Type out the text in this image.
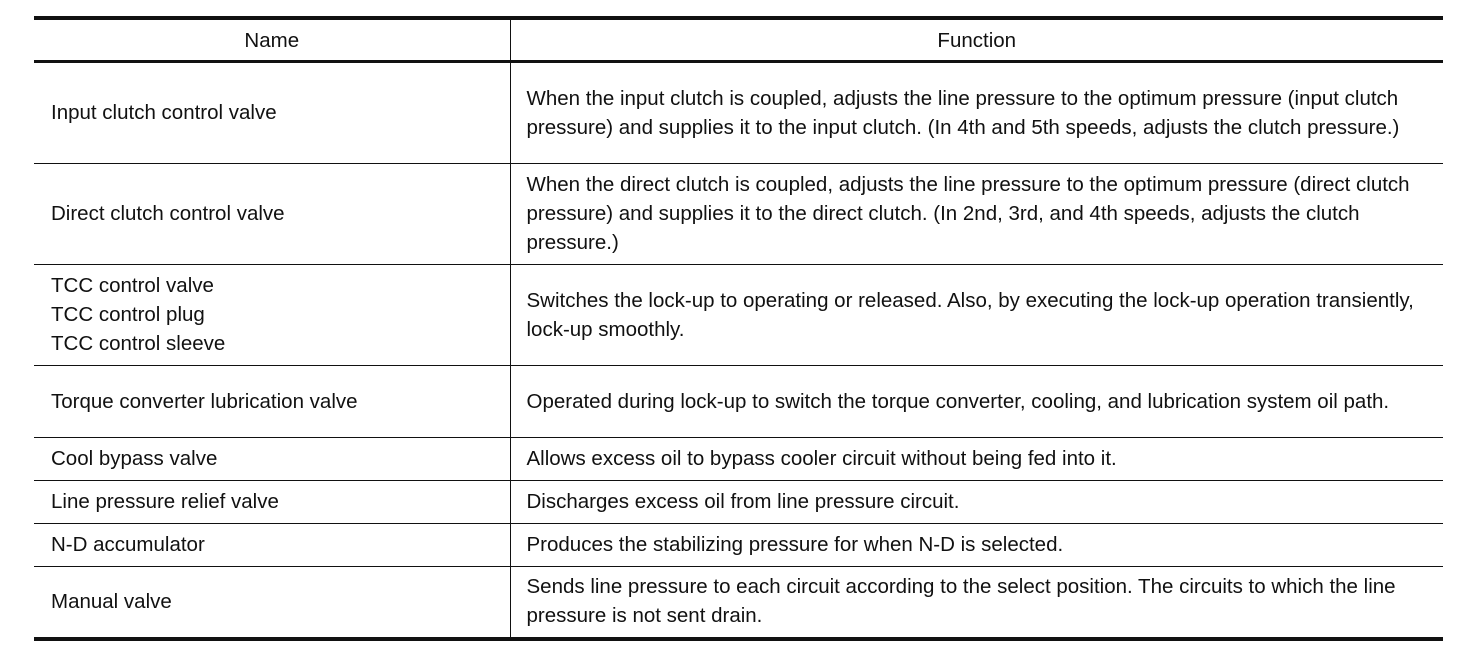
Name	Function

Input clutch control valve	When the input clutch is coupled, adjusts the line pressure to the optimum pressure (input clutch pressure) and supplies it to the input clutch. (In 4th and 5th speeds, adjusts the clutch pressure.)

Direct clutch control valve	When the direct clutch is coupled, adjusts the line pressure to the optimum pressure (direct clutch pressure) and supplies it to the direct clutch. (In 2nd, 3rd, and 4th speeds, adjusts the clutch pressure.)

TCC control valve
TCC control plug
TCC control sleeve	Switches the lock-up to operating or released. Also, by executing the lock-up operation transiently, lock-up smoothly.

Torque converter lubrication valve	Operated during lock-up to switch the torque converter, cooling, and lubrication system oil path.

Cool bypass valve	Allows excess oil to bypass cooler circuit without being fed into it.

Line pressure relief valve	Discharges excess oil from line pressure circuit.

N-D accumulator	Produces the stabilizing pressure for when N-D is selected.

Manual valve	Sends line pressure to each circuit according to the select position. The circuits to which the line pressure is not sent drain.
